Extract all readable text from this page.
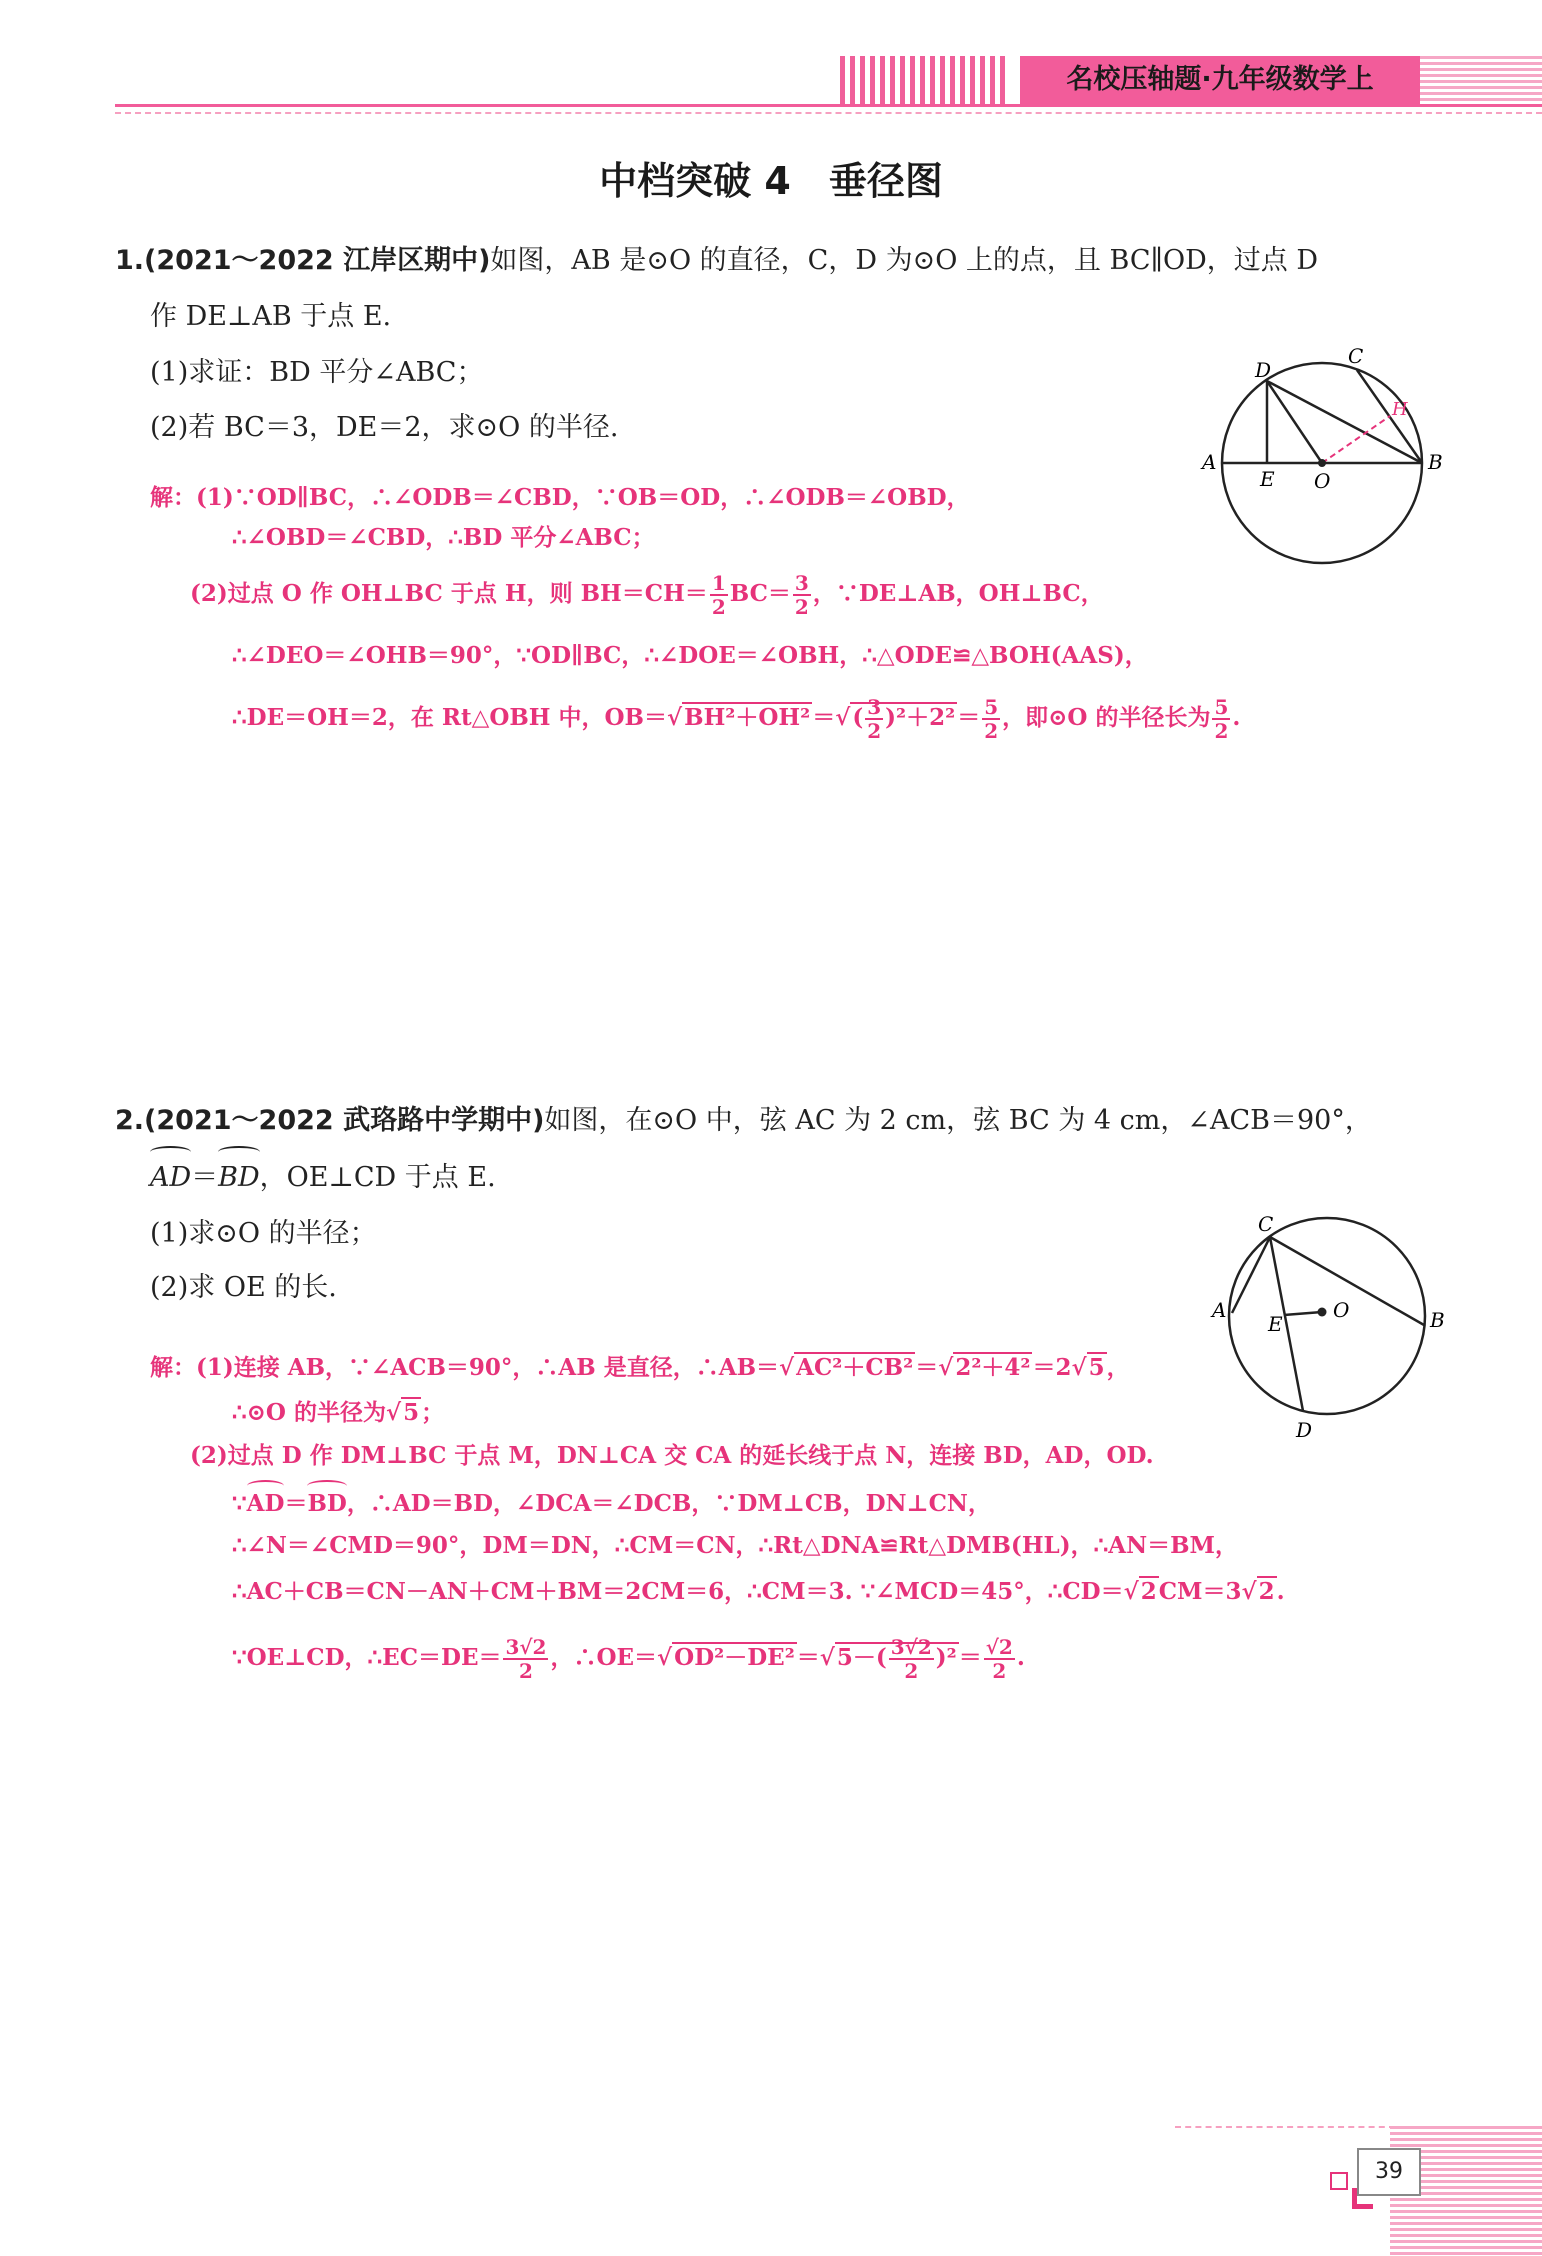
名校压轴题·九年级数学上
中档突破 4　垂径图
1.(2021～2022 江岸区期中)如图，AB 是⊙O 的直径，C，D 为⊙O 上的点，且 BC∥OD，过点 D
作 DE⊥AB 于点 E.
(1)求证：BD 平分∠ABC；
(2)若 BC＝3，DE＝2，求⊙O 的半径.
D
C
H
A
E O
B
解：(1)∵OD∥BC，∴∠ODB＝∠CBD，∵OB＝OD，∴∠ODB＝∠OBD，
∴∠OBD＝∠CBD，∴BD 平分∠ABC；
(2)过点 O 作 OH⊥BC 于点 H，则 $BH=CH= \frac{1}{2} BC= \frac{3}{2}$ ，∵DE⊥AB，OH⊥BC，
∴∠DEO＝∠OHB＝90°，∵OD∥BC，∴∠DOE＝∠OBH，∴△ODE≌△BOH(AAS)，
∴DE＝OH＝2，在 Rt△OBH 中，$OB=√BH^2+OH^2=√( \frac{3}{2} )^2+2^2= \frac{5}{2}$ ，即⊙O 的半径长为 $\frac{5}{2}$ .
2.(2021～2022 武珞路中学期中)如图，在⊙O 中，弦 AC 为 2 cm，弦 BC 为 4 cm，∠ACB＝90°，
AD＝BD，OE⊥CD 于点 E.
(1)求⊙O 的半径；
(2)求 OE 的长.
C
A
E
O	B
D
解：(1)连接 AB，∵∠ACB＝90°，∴AB 是直径，∴AB＝√AC²＋CB²＝√2²＋4²＝2√5，
∴⊙O 的半径为√5；
(2)过点 D 作 DM⊥BC 于点 M，DN⊥CA 交 CA 的延长线于点 N，连接 BD，AD，OD.
∵AD＝BD，∴AD＝BD，∠DCA＝∠DCB，∵DM⊥CB，DN⊥CN，
∴∠N＝∠CMD＝90°，DM＝DN，∴CM＝CN，∴Rt△DNA≌Rt△DMB(HL)，∴AN＝BM，
∴AC＋CB＝CN－AN＋CM＋BM＝2CM＝6，∴CM＝3. ∵∠MCD＝45°，∴CD＝√2CM＝3√2.
∵OE⊥CD，∴EC＝DE＝ $\frac{3√2}{2}$ ，∴OE＝√OD²－DE²＝√5－( $\frac{3√2}{2} )^2= \frac{√2}{2}$ .
39
